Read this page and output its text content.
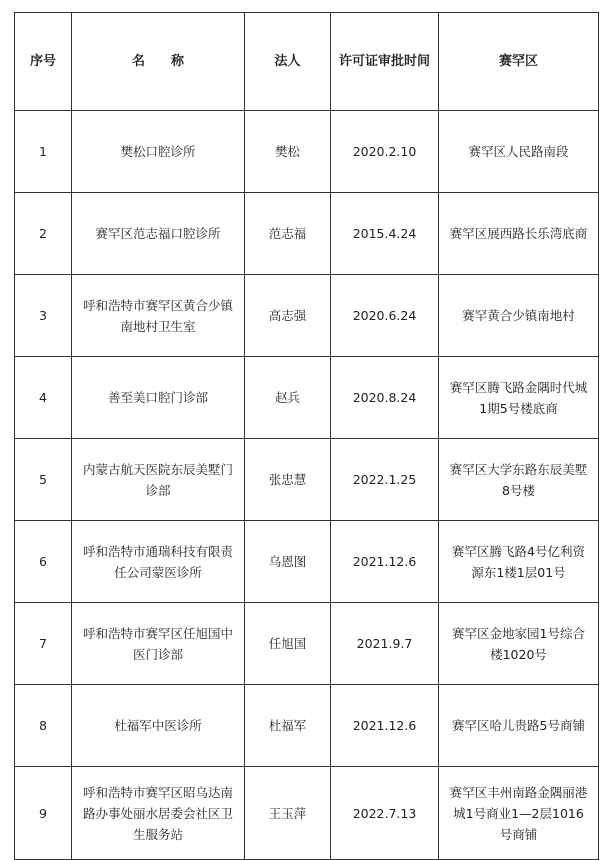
序号	名　　称	法人	许可证审批时间	赛罕区
1	樊松口腔诊所	樊松	2020.2.10	赛罕区人民路南段
2	赛罕区范志福口腔诊所	范志福	2015.4.24	赛罕区展西路长乐湾底商
3	呼和浩特市赛罕区黄合少镇南地村卫生室	高志强	2020.6.24	赛罕黄合少镇南地村
4	善至美口腔门诊部	赵兵	2020.8.24	赛罕区腾飞路金隅时代城1期5号楼底商
5	内蒙古航天医院东辰美墅门诊部	张忠慧	2022.1.25	赛罕区大学东路东辰美墅8号楼
6	呼和浩特市通瑞科技有限责任公司蒙医诊所	乌恩图	2021.12.6	赛罕区腾飞路4号亿利资源东1楼1层01号
7	呼和浩特市赛罕区任旭国中医门诊部	任旭国	2021.9.7	赛罕区金地家园1号综合楼1020号
8	杜福军中医诊所	杜福军	2021.12.6	赛罕区哈儿贵路5号商铺
9	呼和浩特市赛罕区昭乌达南路办事处丽水居委会社区卫生服务站	王玉萍	2022.7.13	赛罕区丰州南路金隅丽港城1号商业1—2层1016号商铺
